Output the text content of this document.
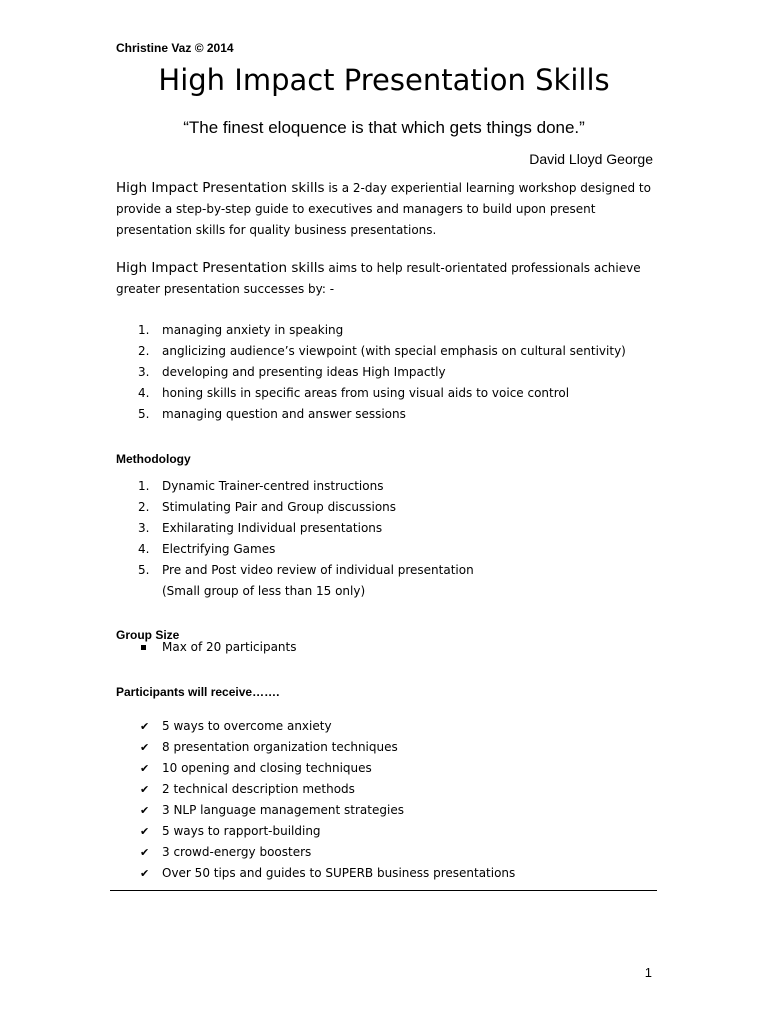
Christine Vaz © 2014
High Impact Presentation Skills
“The finest eloquence is that which gets things done.”
David Lloyd George
High Impact Presentation skills is a 2-day experiential learning workshop designed to provide a step-by-step guide to executives and managers to build upon present presentation skills for quality business presentations.
High Impact Presentation skills aims to help result-orientated professionals achieve greater presentation successes by: -
1. managing anxiety in speaking
2. anglicizing audience’s viewpoint (with special emphasis on cultural sentivity)
3. developing and presenting ideas High Impactly
4. honing skills in specific areas from using visual aids to voice control
5. managing question and answer sessions
Methodology
1. Dynamic Trainer-centred instructions
2. Stimulating Pair and Group discussions
3. Exhilarating Individual presentations
4. Electrifying Games
5. Pre and Post video review of individual presentation
(Small group of less than 15 only)
Group Size
Max of 20 participants
Participants will receive…….
✔ 5 ways to overcome anxiety
✔ 8 presentation organization techniques
✔ 10 opening and closing techniques
✔ 2 technical description methods
✔ 3 NLP language management strategies
✔ 5 ways to rapport-building
✔ 3 crowd-energy boosters
✔ Over 50 tips and guides to SUPERB business presentations
1
